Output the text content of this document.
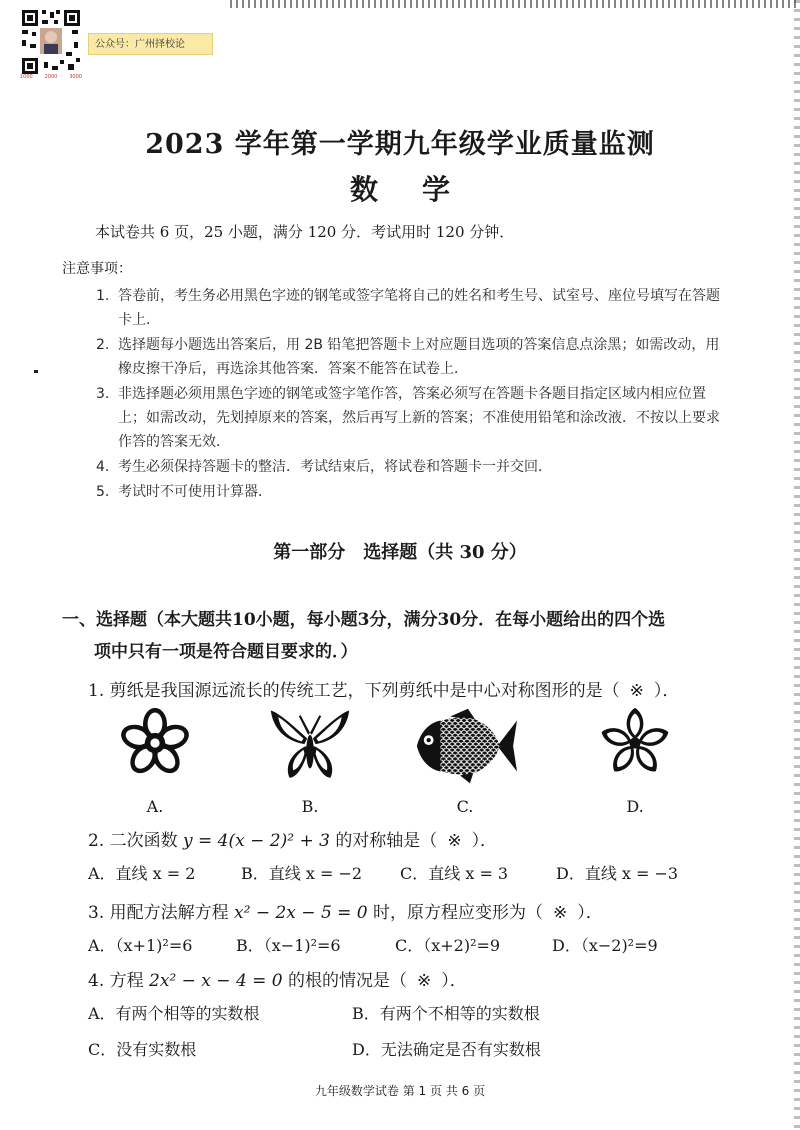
1000 2000 3000
公众号：广州择校论
2023 学年第一学期九年级学业质量监测
数 学
本试卷共 6 页，25 小题，满分 120 分．考试用时 120 分钟．
注意事项：
1. 答卷前，考生务必用黑色字迹的钢笔或签字笔将自己的姓名和考生号、试室号、座位号填写在答题卡上．
2. 选择题每小题选出答案后，用 2B 铅笔把答题卡上对应题目选项的答案信息点涂黑；如需改动，用橡皮擦干净后，再选涂其他答案．答案不能答在试卷上．
3. 非选择题必须用黑色字迹的钢笔或签字笔作答，答案必须写在答题卡各题目指定区域内相应位置上；如需改动，先划掉原来的答案，然后再写上新的答案；不准使用铅笔和涂改液．不按以上要求作答的答案无效．
4. 考生必须保持答题卡的整洁．考试结束后，将试卷和答题卡一并交回．
5. 考试时不可使用计算器．
第一部分　选择题（共 30 分）
一、选择题（本大题共10小题，每小题3分，满分30分．在每小题给出的四个选
项中只有一项是符合题目要求的．）
1. 剪纸是我国源远流长的传统工艺，下列剪纸中是中心对称图形的是（ ※ ）．
A.	B.	C.	D.
2. 二次函数 y = 4(x − 2)² + 3 的对称轴是（ ※ ）．
A．直线 x = 2	B．直线 x = −2 C．直线 x = 3	D．直线 x = −3
3. 用配方法解方程 x² − 2x − 5 = 0 时，原方程应变形为（ ※ ）．
A．（x+1)²=6	B．（x−1)²=6	C．（x+2)²=9	D．（x−2)²=9
4. 方程 2x² − x − 4 = 0 的根的情况是（ ※ ）．
A．有两个相等的实数根	B．有两个不相等的实数根
C．没有实数根	D．无法确定是否有实数根
九年级数学试卷 第 1 页 共 6 页
